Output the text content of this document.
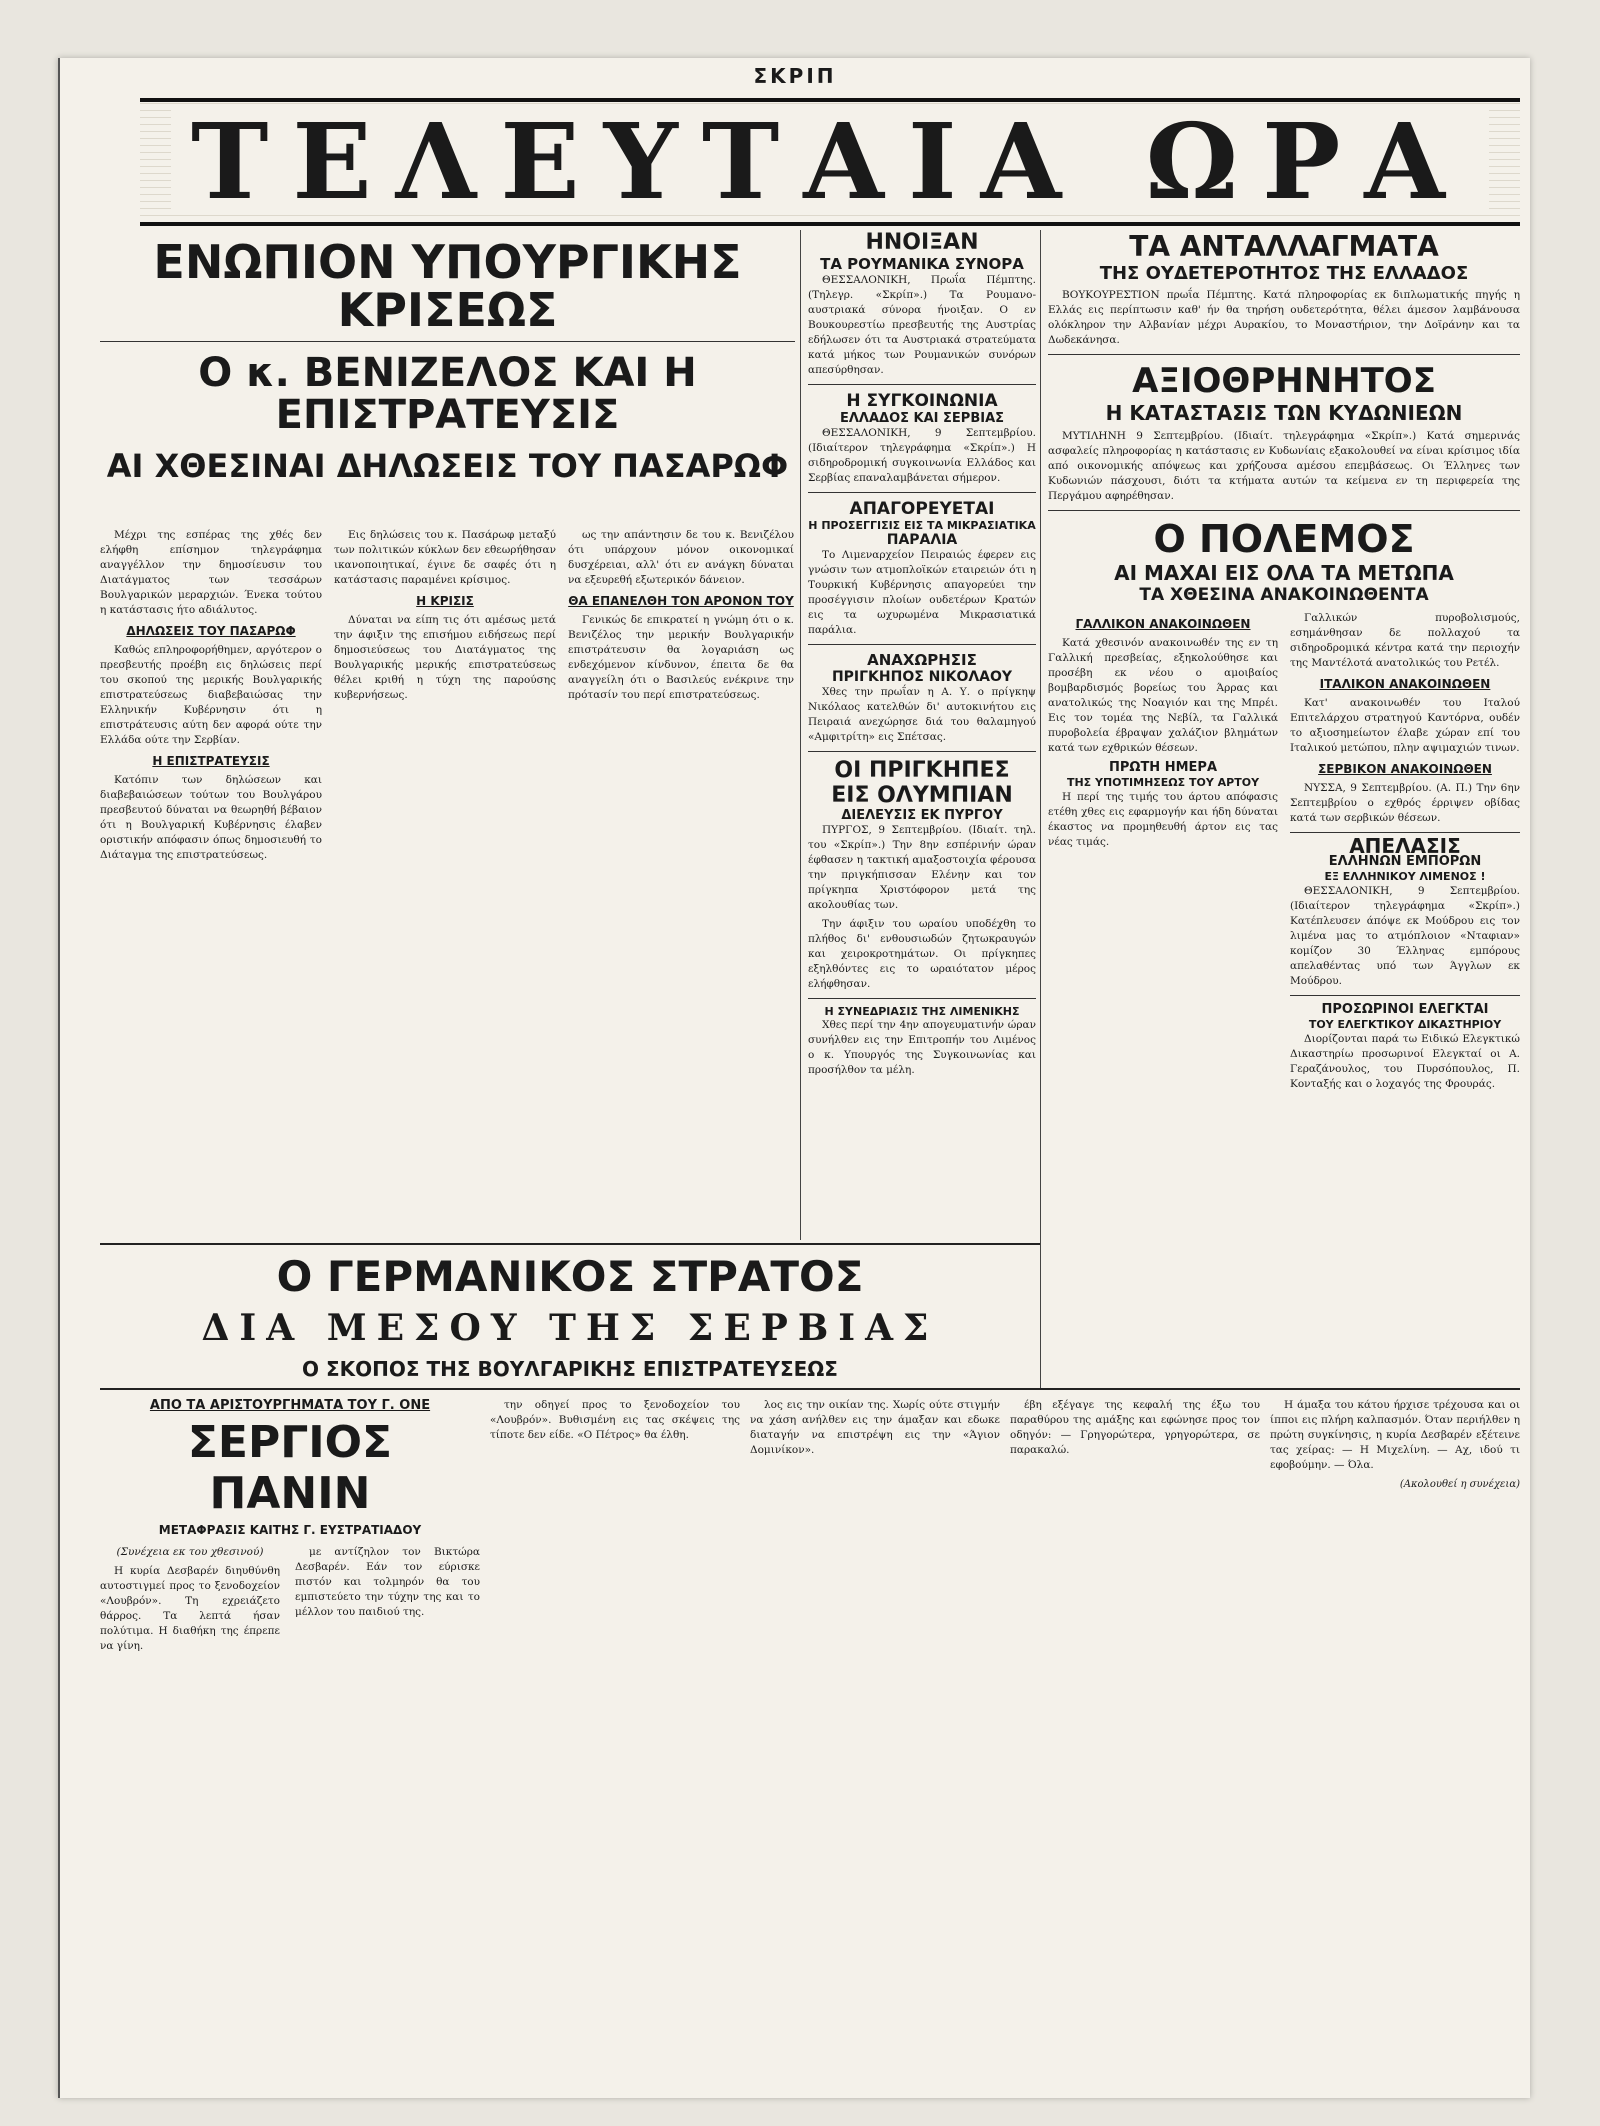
ΣΚΡΙΠ
ΤΕΛΕΥΤΑΙΑ ΩΡΑ
ΕΝΩΠΙΟΝ ΥΠΟΥΡΓΙΚΗΣ ΚΡΙΣΕΩΣ
Ο κ. ΒΕΝΙΖΕΛΟΣ ΚΑΙ Η ΕΠΙΣΤΡΑΤΕΥΣΙΣ
ΑΙ ΧΘΕΣΙΝΑΙ ΔΗΛΩΣΕΙΣ ΤΟΥ ΠΑΣΑΡΩΦ

Μέχρι της εσπέρας της χθές δεν ελήφθη επίσημον τηλεγράφημα αναγγέλλον την δημοσίευσιν του Διατάγματος των τεσσάρων Βουλγαρικών μεραρχιών. Ένεκα τούτου η κατάστασις ήτο αδιάλυτος.

ΔΗΛΩΣΕΙΣ ΤΟΥ ΠΑΣΑΡΩΦ

Καθώς επληροφορήθημεν, αργότερον ο πρεσβευτής προέβη εις δηλώσεις περί του σκοπού της μερικής Βουλγαρικής επιστρατεύσεως διαβεβαιώσας την Ελληνικήν Κυβέρνησιν ότι η επιστράτευσις αύτη δεν αφορά ούτε την Ελλάδα ούτε την Σερβίαν.

Η ΕΠΙΣΤΡΑΤΕΥΣΙΣ

Κατόπιν των δηλώσεων και διαβεβαιώσεων τούτων του Βουλγάρου πρεσβευτού δύναται να θεωρηθή βέβαιον ότι η Βουλγαρική Κυβέρνησις έλαβεν οριστικήν απόφασιν όπως δημοσιευθή το Διάταγμα της επιστρατεύσεως.

Εις δηλώσεις του κ. Πασάρωφ μεταξύ των πολιτικών κύκλων δεν εθεωρήθησαν ικανοποιητικαί, έγινε δε σαφές ότι η κατάστασις παραμένει κρίσιμος.

Η ΚΡΙΣΙΣ

Δύναται να είπη τις ότι αμέσως μετά την άφιξιν της επισήμου ειδήσεως περί δημοσιεύσεως του Διατάγματος της Βουλγαρικής μερικής επιστρατεύσεως θέλει κριθή η τύχη της παρούσης κυβερνήσεως.

ως την απάντησιν δε του κ. Βενιζέλου ότι υπάρχουν μόνον οικονομικαί δυσχέρειαι, αλλ' ότι εν ανάγκη δύναται να εξευρεθή εξωτερικόν δάνειον.

ΘΑ ΕΠΑΝΕΛΘΗ ΤΟΝ ΑΡΟΝΟΝ ΤΟΥ

Γενικώς δε επικρατεί η γνώμη ότι ο κ. Βενιζέλος την μερικήν Βουλγαρικήν επιστράτευσιν θα λογαριάση ως ενδεχόμενον κίνδυνον, έπειτα δε θα αναγγείλη ότι ο Βασιλεύς ενέκρινε την πρότασίν του περί επιστρατεύσεως.

Ο ΓΕΡΜΑΝΙΚΟΣ ΣΤΡΑΤΟΣ
ΔΙΑ ΜΕΣΟΥ ΤΗΣ ΣΕΡΒΙΑΣ
Ο ΣΚΟΠΟΣ ΤΗΣ ΒΟΥΛΓΑΡΙΚΗΣ ΕΠΙΣΤΡΑΤΕΥΣΕΩΣ
ΗΝΟΙΞΑΝ
ΤΑ ΡΟΥΜΑΝΙΚΑ ΣΥΝΟΡΑ

ΘΕΣΣΑΛΟΝΙΚΗ, Πρωΐα Πέμπτης. (Τηλεγρ. «Σκρίπ».) Τα Ρουμανο-αυστριακά σύνορα ήνοιξαν. Ο εν Βουκουρεστίω πρεσβευτής της Αυστρίας εδήλωσεν ότι τα Αυστριακά στρατεύματα κατά μήκος των Ρουμανικών συνόρων απεσύρθησαν.

Η ΣΥΓΚΟΙΝΩΝΙΑ
ΕΛΛΑΔΟΣ ΚΑΙ ΣΕΡΒΙΑΣ

ΘΕΣΣΑΛΟΝΙΚΗ, 9 Σεπτεμβρίου. (Ιδιαίτερον τηλεγράφημα «Σκρίπ».) Η σιδηροδρομική συγκοινωνία Ελλάδος και Σερβίας επαναλαμβάνεται σήμερον.

ΑΠΑΓΟΡΕΥΕΤΑΙ
Η ΠΡΟΣΕΓΓΙΣΙΣ ΕΙΣ ΤΑ ΜΙΚΡΑΣΙΑΤΙΚΑ
ΠΑΡΑΛΙΑ

Το Λιμεναρχείον Πειραιώς έφερεν εις γνώσιν των ατμοπλοϊκών εταιρειών ότι η Τουρκική Κυβέρνησις απαγορεύει την προσέγγισιν πλοίων ουδετέρων Κρατών εις τα ωχυρωμένα Μικρασιατικά παράλια.

ΑΝΑΧΩΡΗΣΙΣ
ΠΡΙΓΚΗΠΟΣ ΝΙΚΟΛΑΟΥ

Χθες την πρωΐαν η Α. Υ. ο πρίγκηψ Νικόλαος κατελθών δι' αυτοκινήτου εις Πειραιά ανεχώρησε διά του θαλαμηγού «Αμφιτρίτη» εις Σπέτσας.

ΟΙ ΠΡΙΓΚΗΠΕΣ
ΕΙΣ ΟΛΥΜΠΙΑΝ
ΔΙΕΛΕΥΣΙΣ ΕΚ ΠΥΡΓΟΥ

ΠΥΡΓΟΣ, 9 Σεπτεμβρίου. (Ιδιαίτ. τηλ. του «Σκρίπ».) Την 8ην εσπέρινήν ώραν έφθασεν η τακτική αμαξοστοιχία φέρουσα την πριγκήπισσαν Ελένην και τον πρίγκηπα Χριστόφορον μετά της ακολουθίας των.

Την άφιξιν του ωραίου υποδέχθη το πλήθος δι' ενθουσιωδών ζητωκραυγών και χειροκροτημάτων. Οι πρίγκηπες εξηλθόντες εις το ωραιότατον μέρος ελήφθησαν.

Η ΣΥΝΕΔΡΙΑΣΙΣ ΤΗΣ ΛΙΜΕΝΙΚΗΣ

Χθες περί την 4ην απογευματινήν ώραν συνήλθεν εις την Επιτροπήν του Λιμένος ο κ. Υπουργός της Συγκοινωνίας και προσήλθον τα μέλη.

ΤΑ ΑΝΤΑΛΛΑΓΜΑΤΑ
ΤΗΣ ΟΥΔΕΤΕΡΟΤΗΤΟΣ ΤΗΣ ΕΛΛΑΔΟΣ

ΒΟΥΚΟΥΡΕΣΤΙΟΝ πρωΐα Πέμπτης. Κατά πληροφορίας εκ διπλωματικής πηγής η Ελλάς εις περίπτωσιν καθ' ήν θα τηρήση ουδετερότητα, θέλει άμεσον λαμβάνουσα ολόκληρον την Αλβανίαν μέχρι Αυρακίου, το Μοναστήριον, την Δοϊράνην και τα Δωδεκάνησα.

ΑΞΙΟΘΡΗΝΗΤΟΣ
Η ΚΑΤΑΣΤΑΣΙΣ ΤΩΝ ΚΥΔΩΝΙΕΩΝ

ΜΥΤΙΛΗΝΗ 9 Σεπτεμβρίου. (Ιδιαίτ. τηλεγράφημα «Σκρίπ».) Κατά σημερινάς ασφαλείς πληροφορίας η κατάστασις εν Κυδωνίαις εξακολουθεί να είναι κρίσιμος ιδία από οικονομικής απόψεως και χρήζουσα αμέσου επεμβάσεως. Οι Έλληνες των Κυδωνιών πάσχουσι, διότι τα κτήματα αυτών τα κείμενα εν τη περιφερεία της Περγάμου αφηρέθησαν.

Ο ΠΟΛΕΜΟΣ
ΑΙ ΜΑΧΑΙ ΕΙΣ ΟΛΑ ΤΑ ΜΕΤΩΠΑ
ΤΑ ΧΘΕΣΙΝΑ ΑΝΑΚΟΙΝΩΘΕΝΤΑ
ΓΑΛΛΙΚΟΝ ΑΝΑΚΟΙΝΩΘΕΝ

Κατά χθεσινόν ανακοινωθέν της εν τη Γαλλική πρεσβείας, εξηκολούθησε και προσέβη εκ νέου ο αμοιβαίος βομβαρδισμός βορείως του Άρρας και ανατολικώς της Νοαγιόν και της Μπρέι. Εις τον τομέα της Νεβίλ, τα Γαλλικά πυροβολεία έβραψαν χαλάζιον βλημάτων κατά των εχθρικών θέσεων.

ΠΡΩΤΗ ΗΜΕΡΑ
ΤΗΣ ΥΠΟΤΙΜΗΣΕΩΣ ΤΟΥ ΑΡΤΟΥ

Η περί της τιμής του άρτου απόφασις ετέθη χθες εις εφαρμογήν και ήδη δύναται έκαστος να προμηθευθή άρτον εις τας νέας τιμάς.

Γαλλικών πυροβολισμούς, εσημάνθησαν δε πολλαχού τα σιδηροδρομικά κέντρα κατά την περιοχήν της Μαντέλοτά ανατολικώς του Ρετέλ.

ΙΤΑΛΙΚΟΝ ΑΝΑΚΟΙΝΩΘΕΝ

Κατ' ανακοινωθέν του Ιταλού Επιτελάρχου στρατηγού Καντόρνα, ουδέν το αξιοσημείωτον έλαβε χώραν επί του Ιταλικού μετώπου, πλην αψιμαχιών τινων.

ΣΕΡΒΙΚΟΝ ΑΝΑΚΟΙΝΩΘΕΝ

ΝΥΣΣΑ, 9 Σεπτεμβρίου. (Α. Π.) Την 6ην Σεπτεμβρίου ο εχθρός έρριψεν οβίδας κατά των σερβικών θέσεων.

ΑΠΕΛΑΣΙΣ
ΕΛΛΗΝΩΝ ΕΜΠΟΡΩΝ
ΕΞ ΕΛΛΗΝΙΚΟΥ ΛΙΜΕΝΟΣ !

ΘΕΣΣΑΛΟΝΙΚΗ, 9 Σεπτεμβρίου. (Ιδιαίτερον τηλεγράφημα «Σκρίπ».) Κατέπλευσεν άπόψε εκ Μούδρου εις τον λιμένα μας το ατμόπλοιον «Νταφιαν» κομίζον 30 Έλληνας εμπόρους απελαθέντας υπό των Άγγλων εκ Μούδρου.

ΠΡΟΣΩΡΙΝΟΙ ΕΛΕΓΚΤΑΙ
ΤΟΥ ΕΛΕΓΚΤΙΚΟΥ ΔΙΚΑΣΤΗΡΙΟΥ

Διορίζονται παρά τω Ειδικώ Ελεγκτικώ Δικαστηρίω προσωρινοί Ελεγκταί οι Α. Γεραζάνουλος, του Πυρσόπουλος, Π. Κονταξής και ο λοχαγός της Φρουράς.

ΑΠΟ ΤΑ ΑΡΙΣΤΟΥΡΓΗΜΑΤΑ ΤΟΥ Γ. ΟΝΕ
ΣΕΡΓΙΟΣ ΠΑΝΙΝ
ΜΕΤΑΦΡΑΣΙΣ ΚΑΙΤΗΣ Γ. ΕΥΣΤΡΑΤΙΑΔΟΥ

(Συνέχεια εκ του χθεσινού)

Η κυρία Δεσβαρέν διηυθύνθη αυτοστιγμεί προς το ξενοδοχείον «Λουβρόν». Τη εχρειάζετο θάρρος. Τα λεπτά ήσαν πολύτιμα. Η διαθήκη της έπρεπε να γίνη.

με αντίζηλον τον Βικτώρα Δεσβαρέν. Εάν τον εύρισκε πιστόν και τολμηρόν θα του εμπιστεύετο την τύχην της και το μέλλον του παιδιού της.

την οδηγεί προς το ξενοδοχείον του «Λουβρόν». Βυθισμένη εις τας σκέψεις της τίποτε δεν είδε. «Ο Πέτρος» θα έλθη.

λος εις την οικίαν της. Χωρίς ούτε στιγμήν να χάση ανήλθεν εις την άμαξαν και εδωκε διαταγήν να επιστρέψη εις την «Άγιον Δομινίκον».

έβη εξέγαγε της κεφαλή της έξω του παραθύρου της αμάξης και εφώνησε προς τον οδηγόν: — Γρηγορώτερα, γρηγορώτερα, σε παρακαλώ.

Η άμαξα του κάτου ήρχισε τρέχουσα και οι ίπποι εις πλήρη καλπασμόν. Όταν περιήλθεν η πρώτη συγκίνησις, η κυρία Δεσβαρέν εξέτεινε τας χείρας: — Η Μιχελίνη. — Αχ, ιδού τι εφοβούμην. — Όλα.

(Ακολουθεί η συνέχεια)
